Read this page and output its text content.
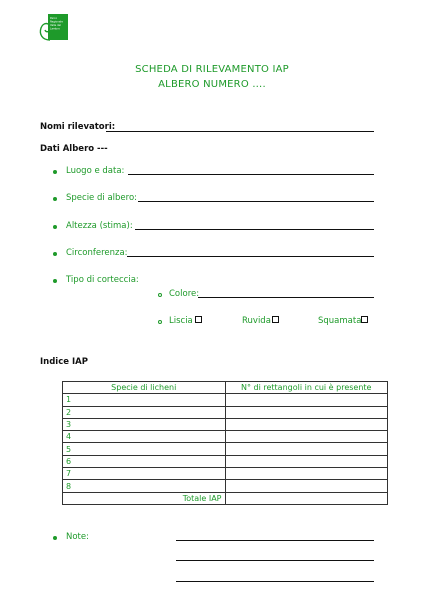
Parco
Regionale
Valle del
Lambro
SCHEDA DI RILEVAMENTO IAP
ALBERO NUMERO ….
Nomi rilevatori:
Dati Albero ---
Luogo e data:
Specie di albero:
Altezza (stima):
Circonferenza:
Tipo di corteccia:
Colore:
Liscia	Ruvida	Squamata
Indice IAP
Specie di licheni	N° di rettangoli in cui è presente
1	
2	
3	
4	
5	
6	
7	
8	
Totale IAP	
Note:
